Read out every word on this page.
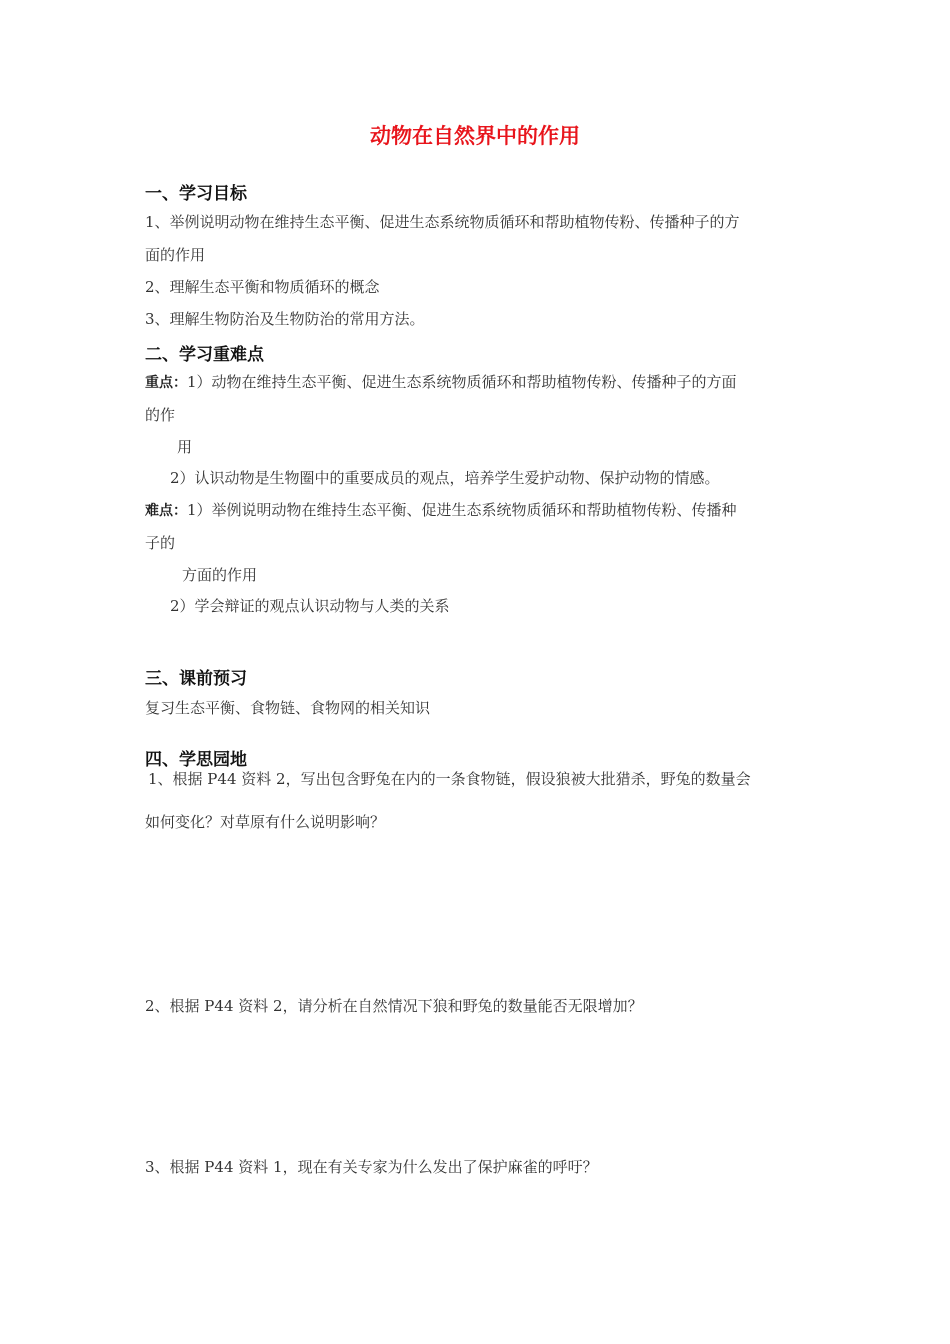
动物在自然界中的作用
一、学习目标
1、举例说明动物在维持生态平衡、促进生态系统物质循环和帮助植物传粉、传播种子的方
面的作用
2、理解生态平衡和物质循环的概念
3、理解生物防治及生物防治的常用方法。
二、学习重难点
重点：1）动物在维持生态平衡、促进生态系统物质循环和帮助植物传粉、传播种子的方面
的作
用
2）认识动物是生物圈中的重要成员的观点，培养学生爱护动物、保护动物的情感。
难点：1）举例说明动物在维持生态平衡、促进生态系统物质循环和帮助植物传粉、传播种
子的
方面的作用
2）学会辩证的观点认识动物与人类的关系
三、课前预习
复习生态平衡、食物链、食物网的相关知识
四、学思园地
1、根据 P44 资料 2，写出包含野兔在内的一条食物链，假设狼被大批猎杀，野兔的数量会
如何变化？对草原有什么说明影响？
2、根据 P44 资料 2，请分析在自然情况下狼和野兔的数量能否无限增加？
3、根据 P44 资料 1，现在有关专家为什么发出了保护麻雀的呼吁？
